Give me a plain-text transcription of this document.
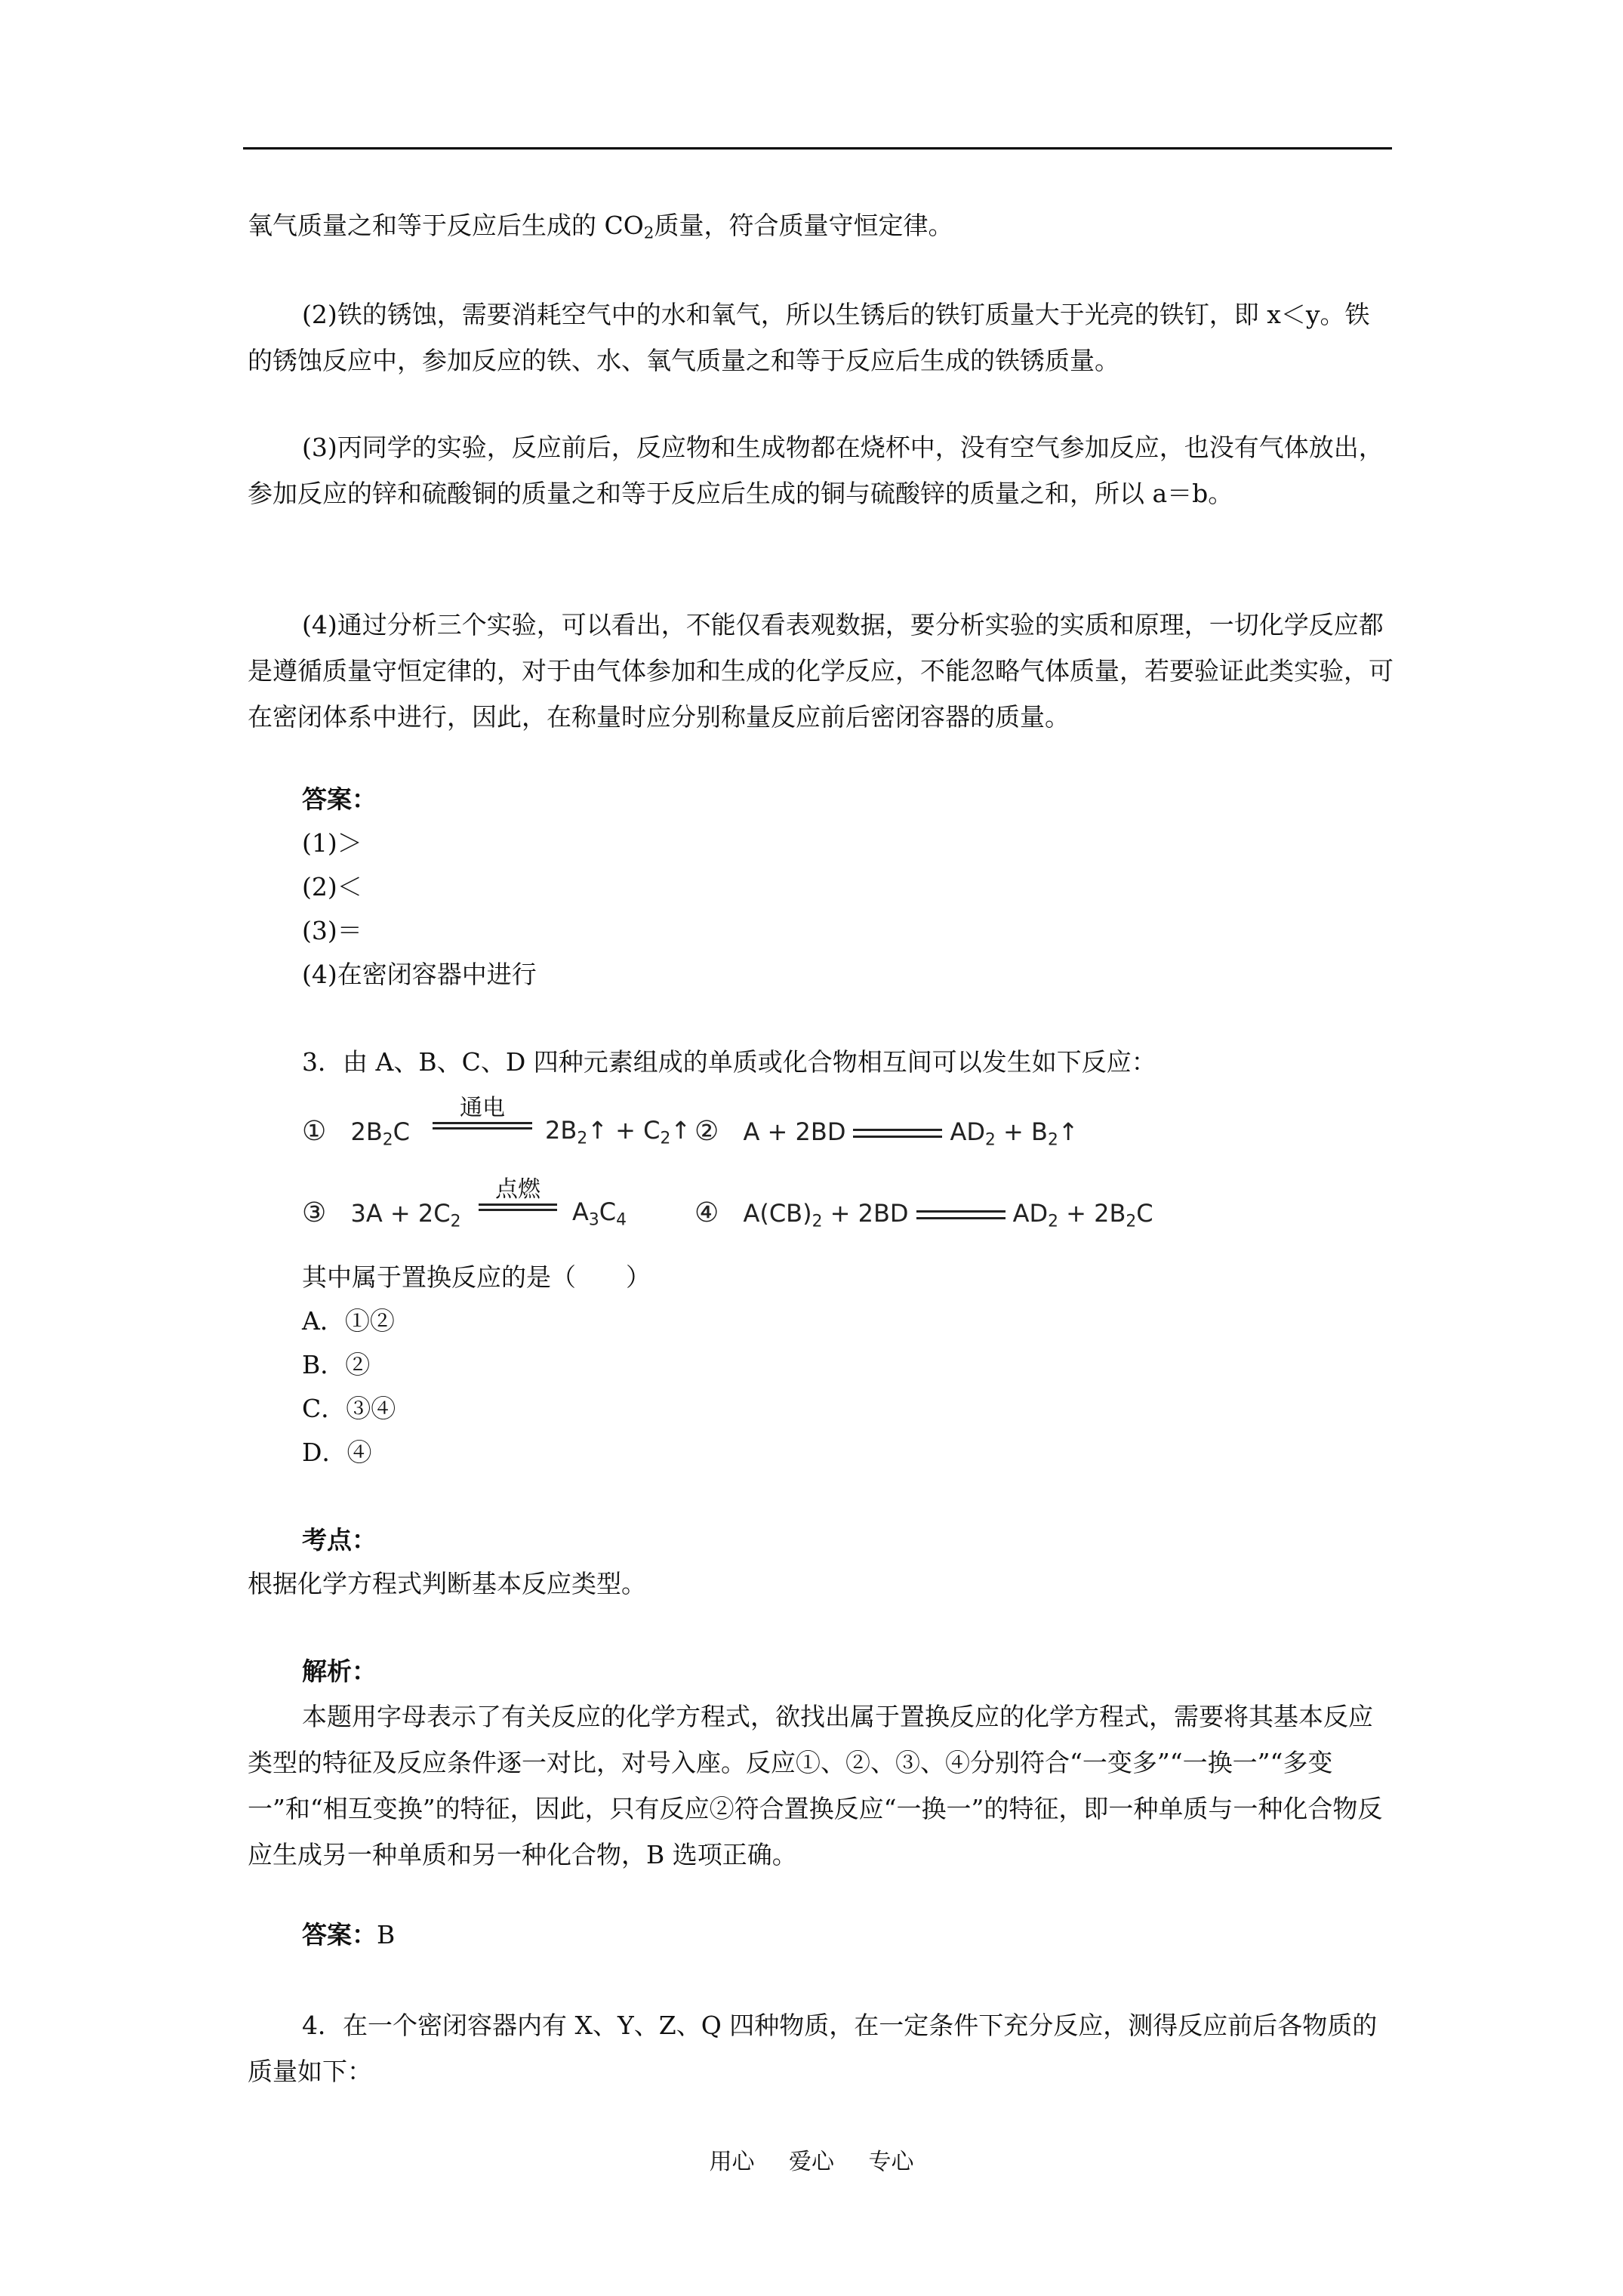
氧气质量之和等于反应后生成的 $CO_2$质量，符合质量守恒定律。

(2)铁的锈蚀，需要消耗空气中的水和氧气，所以生锈后的铁钉质量大于光亮的铁钉，即 x＜y。铁的锈蚀反应中，参加反应的铁、水、氧气质量之和等于反应后生成的铁锈质量。

(3)丙同学的实验，反应前后，反应物和生成物都在烧杯中，没有空气参加反应，也没有气体放出，参加反应的锌和硫酸铜的质量之和等于反应后生成的铜与硫酸锌的质量之和，所以 a＝b。

(4)通过分析三个实验，可以看出，不能仅看表观数据，要分析实验的实质和原理，一切化学反应都是遵循质量守恒定律的，对于由气体参加和生成的化学反应，不能忽略气体质量，若要验证此类实验，可在密闭体系中进行，因此，在称量时应分别称量反应前后密闭容器的质量。

答案：
(1)＞
(2)＜
(3)＝
(4)在密闭容器中进行
3．由 A、B、C、D 四种元素组成的单质或化合物相互间可以发生如下反应：
① $2B_2C$
通电
$2B_2↑$ + $C_2↑$ ② A + 2BD	$AD_2$ + $B_2↑$
③ $3A + 2C_2$
点燃
$A_3C_4$	④ $A(CB)_2 + 2BD$	$AD_2 + 2B_2C$
其中属于置换反应的是（　　）
A．①②
B．②
C．③④
D．④
考点：
根据化学方程式判断基本反应类型。
解析：

本题用字母表示了有关反应的化学方程式，欲找出属于置换反应的化学方程式，需要将其基本反应类型的特征及反应条件逐一对比，对号入座。反应①、②、③、④分别符合“一变多”“一换一”“多变一”和“相互变换”的特征，因此，只有反应②符合置换反应“一换一”的特征，即一种单质与一种化合物反应生成另一种单质和另一种化合物，B 选项正确。

答案：B

4．在一个密闭容器内有 X、Y、Z、Q 四种物质，在一定条件下充分反应，测得反应前后各物质的质量如下：

用心 爱心 专心
